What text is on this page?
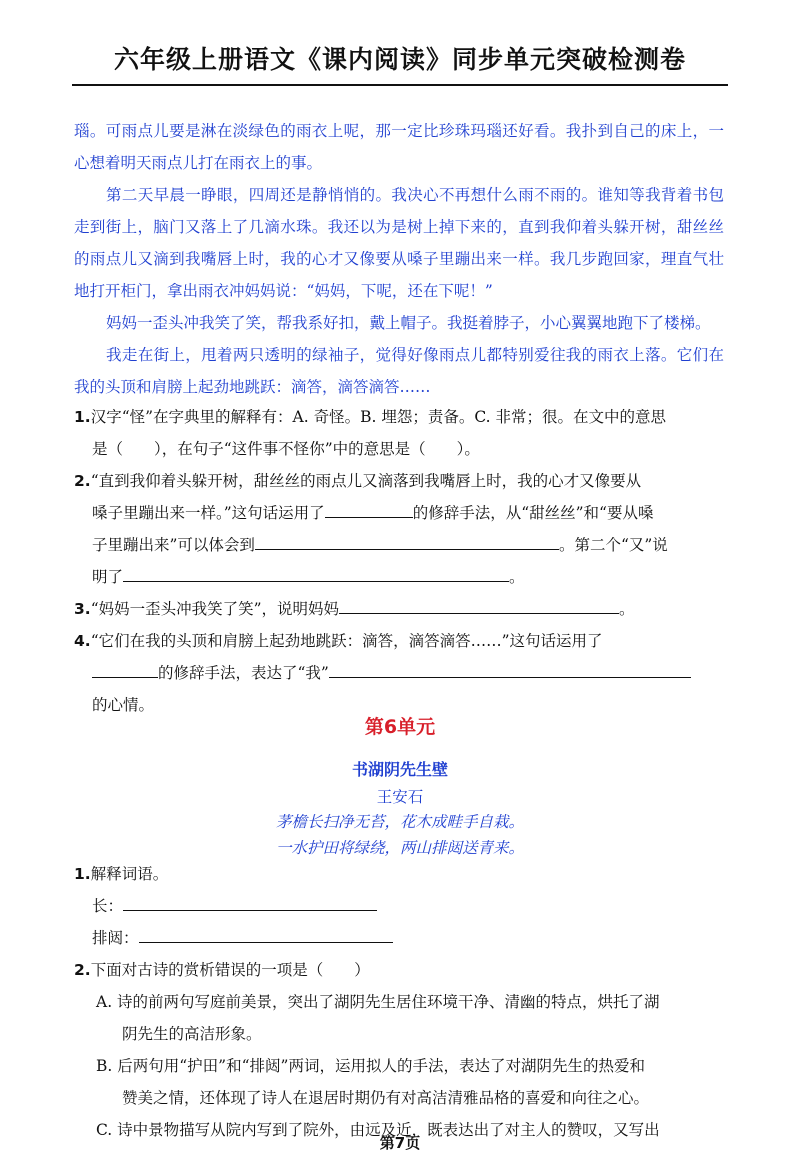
六年级上册语文《课内阅读》同步单元突破检测卷

瑙。可雨点儿要是淋在淡绿色的雨衣上呢，那一定比珍珠玛瑙还好看。我扑到自己的床上，一心想着明天雨点儿打在雨衣上的事。

第二天早晨一睁眼，四周还是静悄悄的。我决心不再想什么雨不雨的。谁知等我背着书包走到街上，脑门又落上了几滴水珠。我还以为是树上掉下来的，直到我仰着头躲开树，甜丝丝的雨点儿又滴到我嘴唇上时，我的心才又像要从嗓子里蹦出来一样。我几步跑回家，理直气壮地打开柜门，拿出雨衣冲妈妈说：“妈妈，下呢，还在下呢！”

妈妈一歪头冲我笑了笑，帮我系好扣，戴上帽子。我挺着脖子，小心翼翼地跑下了楼梯。

我走在街上，甩着两只透明的绿袖子，觉得好像雨点儿都特别爱往我的雨衣上落。它们在我的头顶和肩膀上起劲地跳跃：滴答，滴答滴答……

1.汉字“怪”在字典里的解释有：A. 奇怪。B. 埋怨；责备。C. 非常；很。在文中的意思

是（　　），在句子“这件事不怪你”中的意思是（　　）。

2.“直到我仰着头躲开树，甜丝丝的雨点儿又滴落到我嘴唇上时，我的心才又像要从

嗓子里蹦出来一样。”这句话运用了	的修辞手法，从“甜丝丝”和“要从嗓

子里蹦出来”可以体会到	。第二个“又”说

明了	。

3.“妈妈一歪头冲我笑了笑”，说明妈妈	。

4.“它们在我的头顶和肩膀上起劲地跳跃：滴答，滴答滴答……”这句话运用了

的修辞手法，表达了“我”

的心情。

第6单元
书湖阴先生壁
王安石
茅檐长扫净无苔，花木成畦手自栽。
一水护田将绿绕，两山排闼送青来。

1.解释词语。

长：

排闼：

2.下面对古诗的赏析错误的一项是（　　）

A. 诗的前两句写庭前美景，突出了湖阴先生居住环境干净、清幽的特点，烘托了湖

阴先生的高洁形象。

B. 后两句用“护田”和“排闼”两词，运用拟人的手法，表达了对湖阴先生的热爱和

赞美之情，还体现了诗人在退居时期仍有对高洁清雅品格的喜爱和向往之心。

C. 诗中景物描写从院内写到了院外，由远及近，既表达出了对主人的赞叹，又写出

第7页
